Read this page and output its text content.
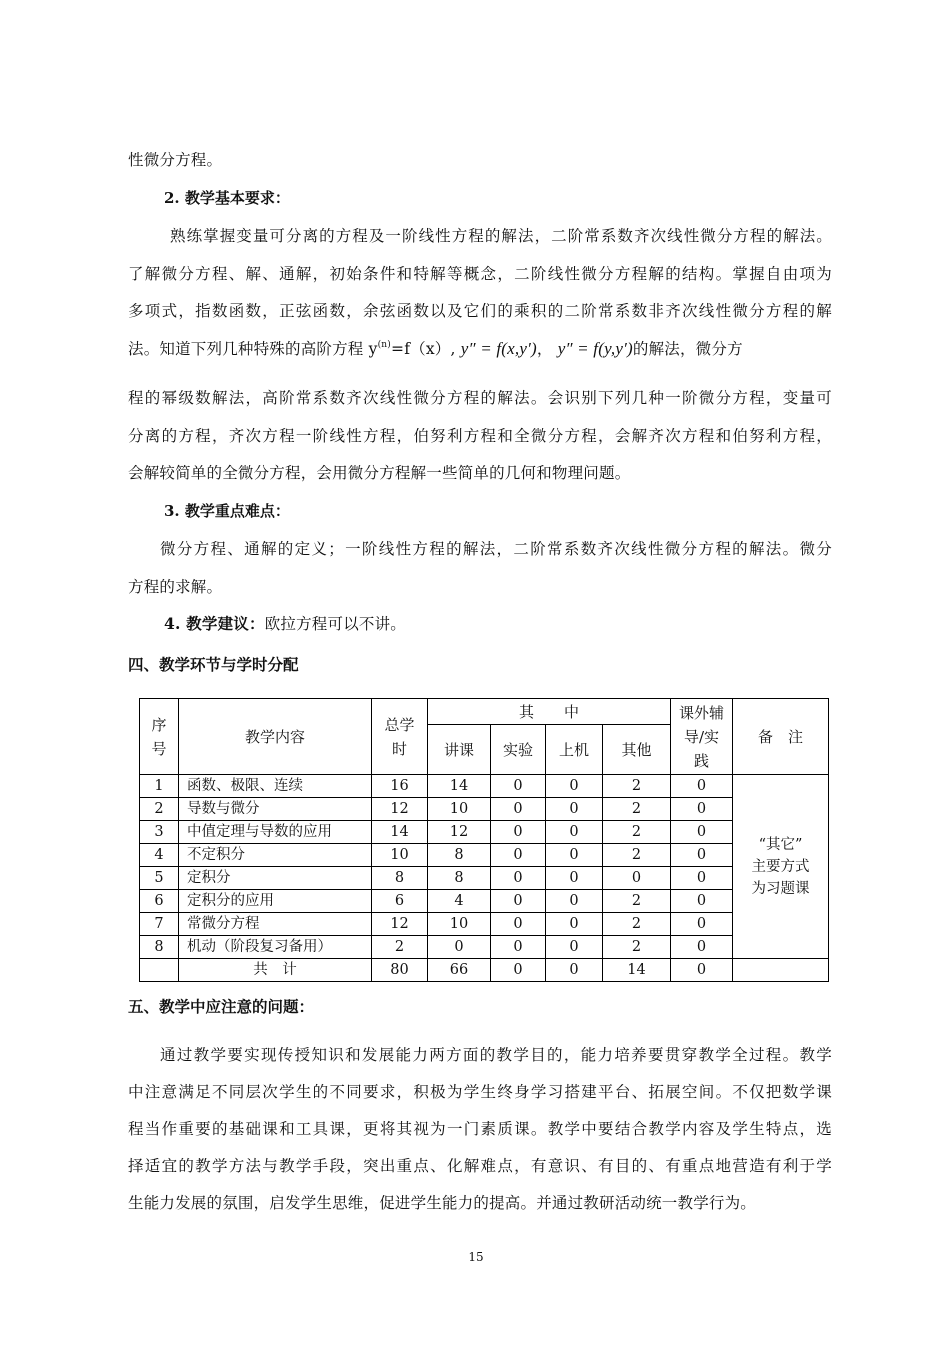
性微分方程。
2. 教学基本要求：
熟练掌握变量可分离的方程及一阶线性方程的解法，二阶常系数齐次线性微分方程的解法。
了解微分方程、解、通解，初始条件和特解等概念，二阶线性微分方程解的结构。掌握自由项为
多项式，指数函数，正弦函数，余弦函数以及它们的乘积的二阶常系数非齐次线性微分方程的解
法。知道下列几种特殊的高阶方程 $y^{(n)}=f(x)$, y″ = f(x,y′)， y″ = f(y,y′)的解法，微分方
程的幂级数解法，高阶常系数齐次线性微分方程的解法。会识别下列几种一阶微分方程，变量可
分离的方程，齐次方程一阶线性方程，伯努利方程和全微分方程，会解齐次方程和伯努利方程，
会解较简单的全微分方程，会用微分方程解一些简单的几何和物理问题。
3. 教学重点难点：
微分方程、通解的定义；一阶线性方程的解法，二阶常系数齐次线性微分方程的解法。微分
方程的求解。
4. 教学建议：欧拉方程可以不讲。
四、教学环节与学时分配
序号	教学内容	总学时	其　　中				课外辅导/实践	备　注
			讲课	实验	上机	其他		
1	函数、极限、连续	16	14	0	0	2	0	“其它”
主要方式
为习题课

2	导数与微分	12	10	0	0	2	0	
3	中值定理与导数的应用	14	12	0	0	2	0	
4	不定积分	10	8	0	0	2	0	
5	定积分	8	8	0	0	0	0	
6	定积分的应用	6	4	0	0	2	0	
7	常微分方程	12	10	0	0	2	0	
8	机动（阶段复习备用）	2	0	0	0	2	0	
	共　计	80	66	0	0	14	0	
五、教学中应注意的问题：
通过教学要实现传授知识和发展能力两方面的教学目的，能力培养要贯穿教学全过程。教学
中注意满足不同层次学生的不同要求，积极为学生终身学习搭建平台、拓展空间。不仅把数学课
程当作重要的基础课和工具课，更将其视为一门素质课。教学中要结合教学内容及学生特点，选
择适宜的教学方法与教学手段，突出重点、化解难点，有意识、有目的、有重点地营造有利于学
生能力发展的氛围，启发学生思维，促进学生能力的提高。并通过教研活动统一教学行为。
15
